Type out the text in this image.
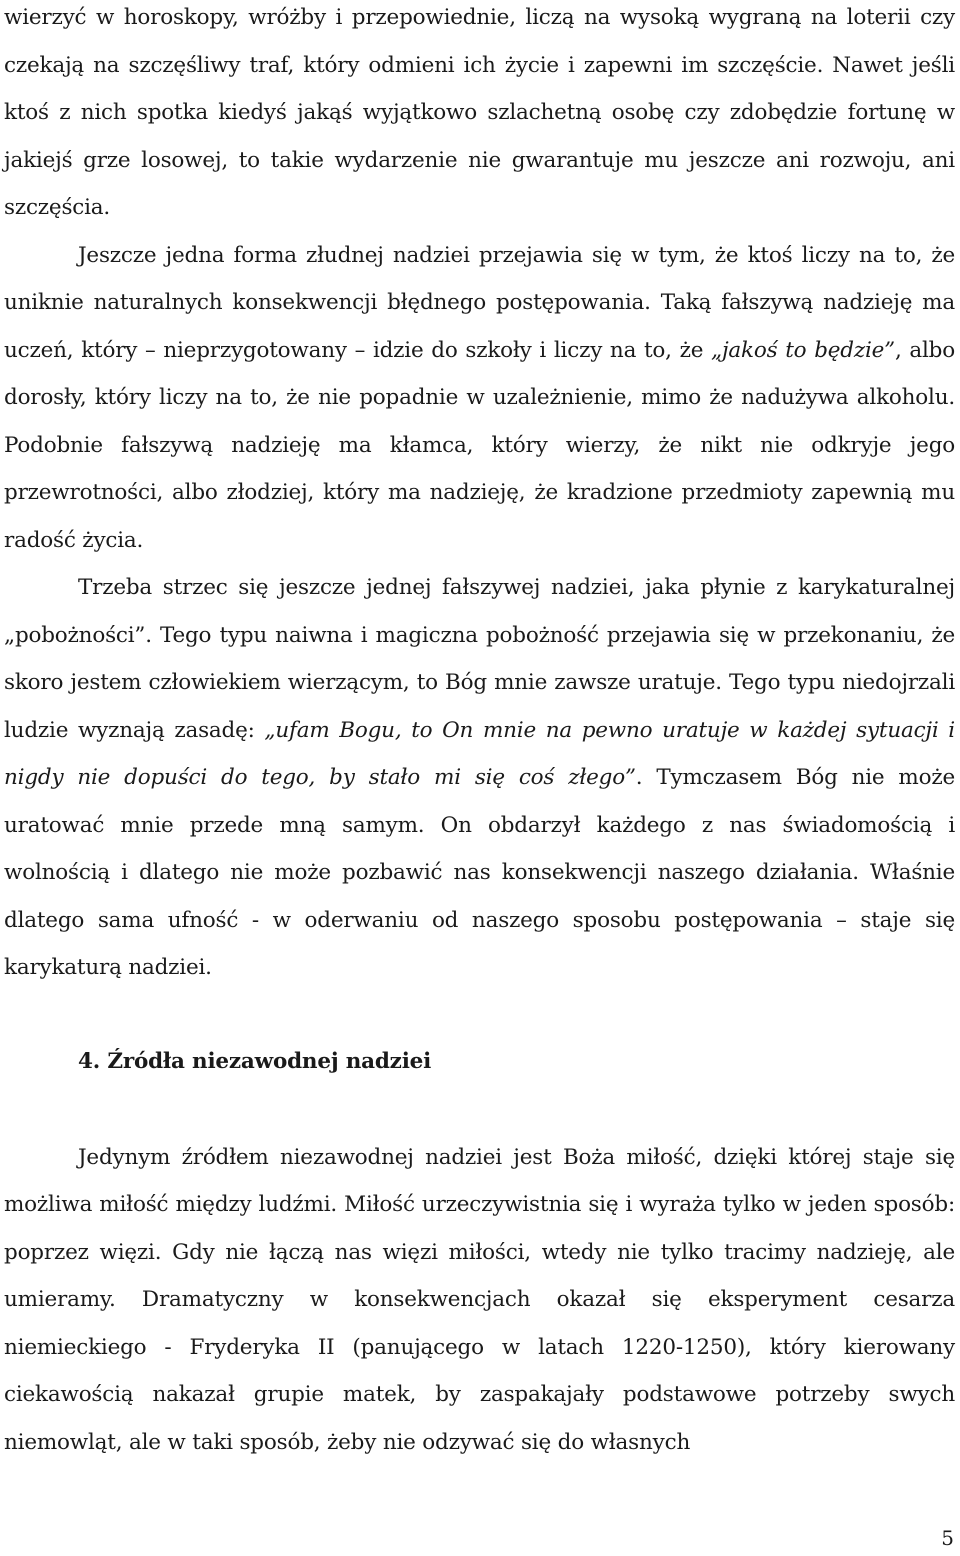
wierzyć w horoskopy, wróżby i przepowiednie, liczą na wysoką wygraną na loterii czy czekają na szczęśliwy traf, który odmieni ich życie i zapewni im szczęście. Nawet jeśli ktoś z nich spotka kiedyś jakąś wyjątkowo szlachetną osobę czy zdobędzie fortunę w jakiejś grze losowej, to takie wydarzenie nie gwarantuje mu jeszcze ani rozwoju, ani szczęścia.

Jeszcze jedna forma złudnej nadziei przejawia się w tym, że ktoś liczy na to, że uniknie naturalnych konsekwencji błędnego postępowania. Taką fałszywą nadzieję ma uczeń, który – nieprzygotowany – idzie do szkoły i liczy na to, że „jakoś to będzie”, albo dorosły, który liczy na to, że nie popadnie w uzależnienie, mimo że nadużywa alkoholu. Podobnie fałszywą nadzieję ma kłamca, który wierzy, że nikt nie odkryje jego przewrotności, albo złodziej, który ma nadzieję, że kradzione przedmioty zapewnią mu radość życia.

Trzeba strzec się jeszcze jednej fałszywej nadziei, jaka płynie z karykaturalnej „pobożności”. Tego typu naiwna i magiczna pobożność przejawia się w przekonaniu, że skoro jestem człowiekiem wierzącym, to Bóg mnie zawsze uratuje. Tego typu niedojrzali ludzie wyznają zasadę: „ufam Bogu, to On mnie na pewno uratuje w każdej sytuacji i nigdy nie dopuści do tego, by stało mi się coś złego”. Tymczasem Bóg nie może uratować mnie przede mną samym. On obdarzył każdego z nas świadomością i wolnością i dlatego nie może pozbawić nas konsekwencji naszego działania. Właśnie dlatego sama ufność - w oderwaniu od naszego sposobu postępowania – staje się karykaturą nadziei.

4. Źródła niezawodnej nadziei

Jedynym źródłem niezawodnej nadziei jest Boża miłość, dzięki której staje się możliwa miłość między ludźmi. Miłość urzeczywistnia się i wyraża tylko w jeden sposób: poprzez więzi. Gdy nie łączą nas więzi miłości, wtedy nie tylko tracimy nadzieję, ale umieramy. Dramatyczny w konsekwencjach okazał się eksperyment cesarza niemieckiego - Fryderyka II (panującego w latach 1220-1250), który kierowany ciekawością nakazał grupie matek, by zaspakajały podstawowe potrzeby swych niemowląt, ale w taki sposób, żeby nie odzywać się do własnych

5
